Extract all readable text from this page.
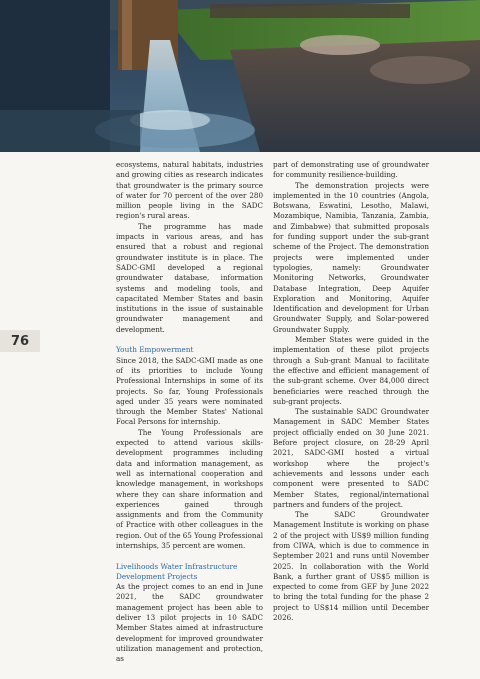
76

ecosystems, natural habitats, industries and growing cities as research indicates that groundwater is the primary source of water for 70 percent of the over 280 million people living in the SADC region's rural areas.

The programme has made impacts in various areas, and has ensured that a robust and regional groundwater institute is in place. The SADC-GMI developed a regional groundwater database, information systems and modeling tools, and capacitated Member States and basin institutions in the issue of sustainable groundwater management and development.

Youth Empowerment

Since 2018, the SADC-GMI made as one of its priorities to include Young Professional Internships in some of its projects. So far, Young Professionals aged under 35 years were nominated through the Member States' National Focal Persons for internship.

The Young Professionals are expected to attend various skills-development programmes including data and information management, as well as international cooperation and knowledge management, in workshops where they can share information and experiences gained through assignments and from the Community of Practice with other colleagues in the region. Out of the 65 Young Professional internships, 35 percent are women.

Livelihoods Water Infrastructure Development Projects

As the project comes to an end in June 2021, the SADC groundwater management project has been able to deliver 13 pilot projects in 10 SADC Member States aimed at infrastructure development for improved groundwater utilization management and protection, as

part of demonstrating use of groundwater for community resilience-building.

The demonstration projects were implemented in the 10 countries (Angola, Botswana, Eswatini, Lesotho, Malawi, Mozambique, Namibia, Tanzania, Zambia, and Zimbabwe) that submitted proposals for funding support under the sub-grant scheme of the Project. The demonstration projects were implemented under typologies, namely: Groundwater Monitoring Networks, Groundwater Database Integration, Deep Aquifer Exploration and Monitoring, Aquifer Identification and development for Urban Groundwater Supply, and Solar-powered Groundwater Supply.

Member States were guided in the implementation of these pilot projects through a Sub-grant Manual to facilitate the effective and efficient management of the sub-grant scheme. Over 84,000 direct beneficiaries were reached through the sub-grant projects.

The sustainable SADC Groundwater Management in SADC Member States project officially ended on 30 June 2021. Before project closure, on 28-29 April 2021, SADC-GMI hosted a virtual workshop where the project's achievements and lessons under each component were presented to SADC Member States, regional/international partners and funders of the project.

The SADC Groundwater Management Institute is working on phase 2 of the project with US$9 million funding from CIWA, which is due to commence in September 2021 and runs until November 2025. In collaboration with the World Bank, a further grant of US$5 million is expected to come from GEF by June 2022 to bring the total funding for the phase 2 project to US$14 million until December 2026.
